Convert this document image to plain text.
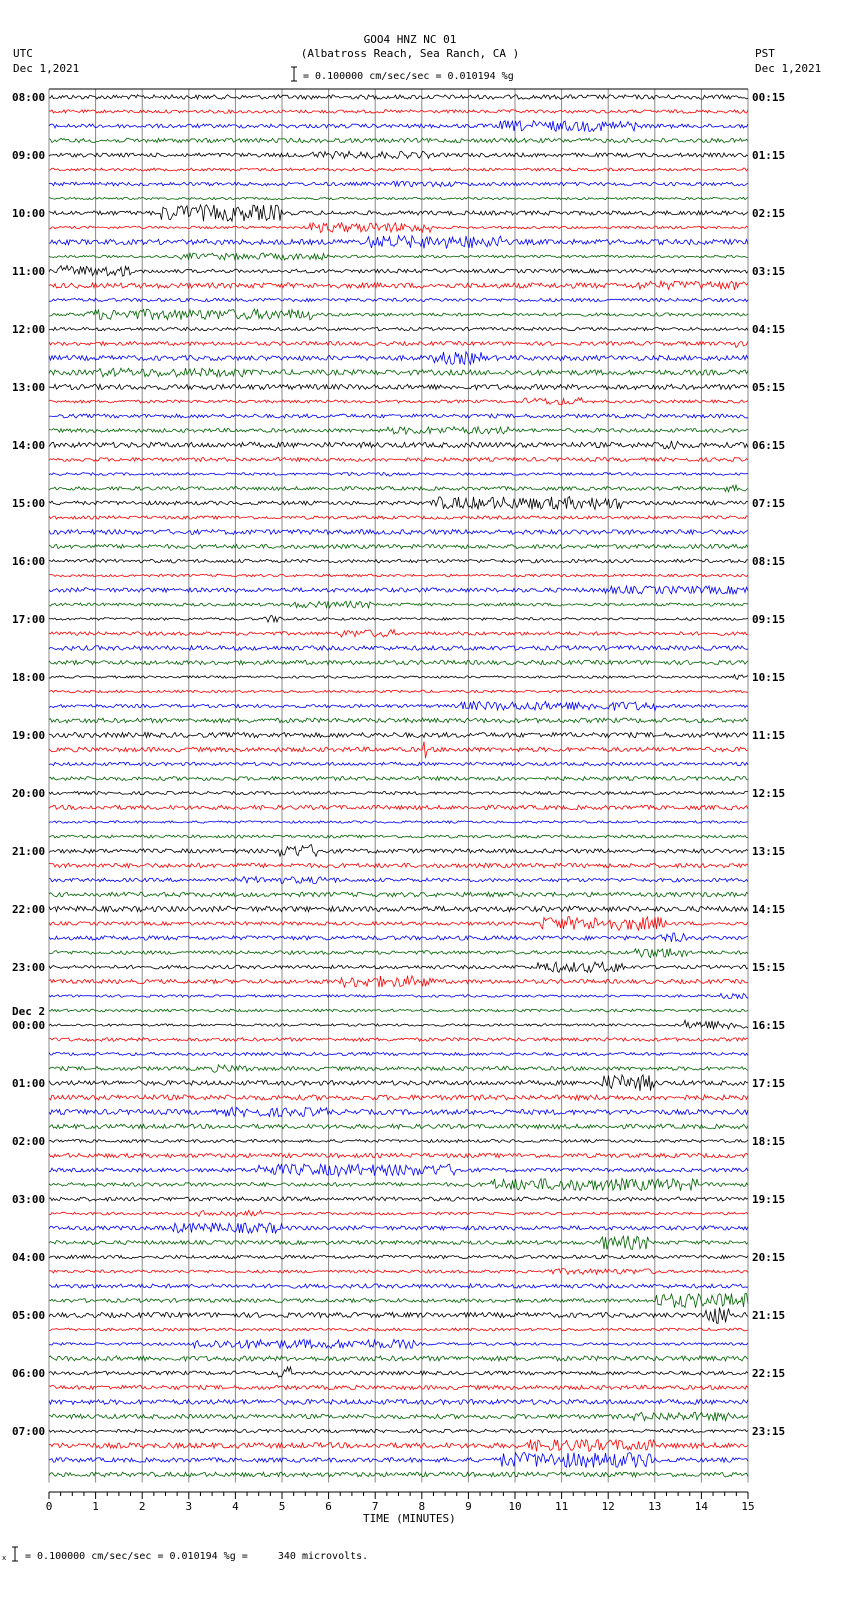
08:00
09:00
10:00
11:00
12:00
13:00
14:00
15:00
16:00
17:00
18:00
19:00
20:00
21:00
22:00
23:00
00:00
Dec 2
01:00
02:00
03:00
04:00
05:00
06:00
07:00
00:15
01:15
02:15
03:15
04:15
05:15
06:15
07:15
08:15
09:15
10:15
11:15
12:15
13:15
14:15
15:15
16:15
17:15
18:15
19:15
20:15
21:15
22:15
23:15
0	1	2	3	4	5	6	7	8	9	10	11	12	13	14	15
GOO4 HNZ NC 01
(Albatross Reach, Sea Ranch, CA )
UTC
Dec 1,2021
PST
Dec 1,2021
= 0.100000 cm/sec/sec = 0.010194 %g
TIME (MINUTES)
x = 0.100000 cm/sec/sec = 0.010194 %g =     340 microvolts.
